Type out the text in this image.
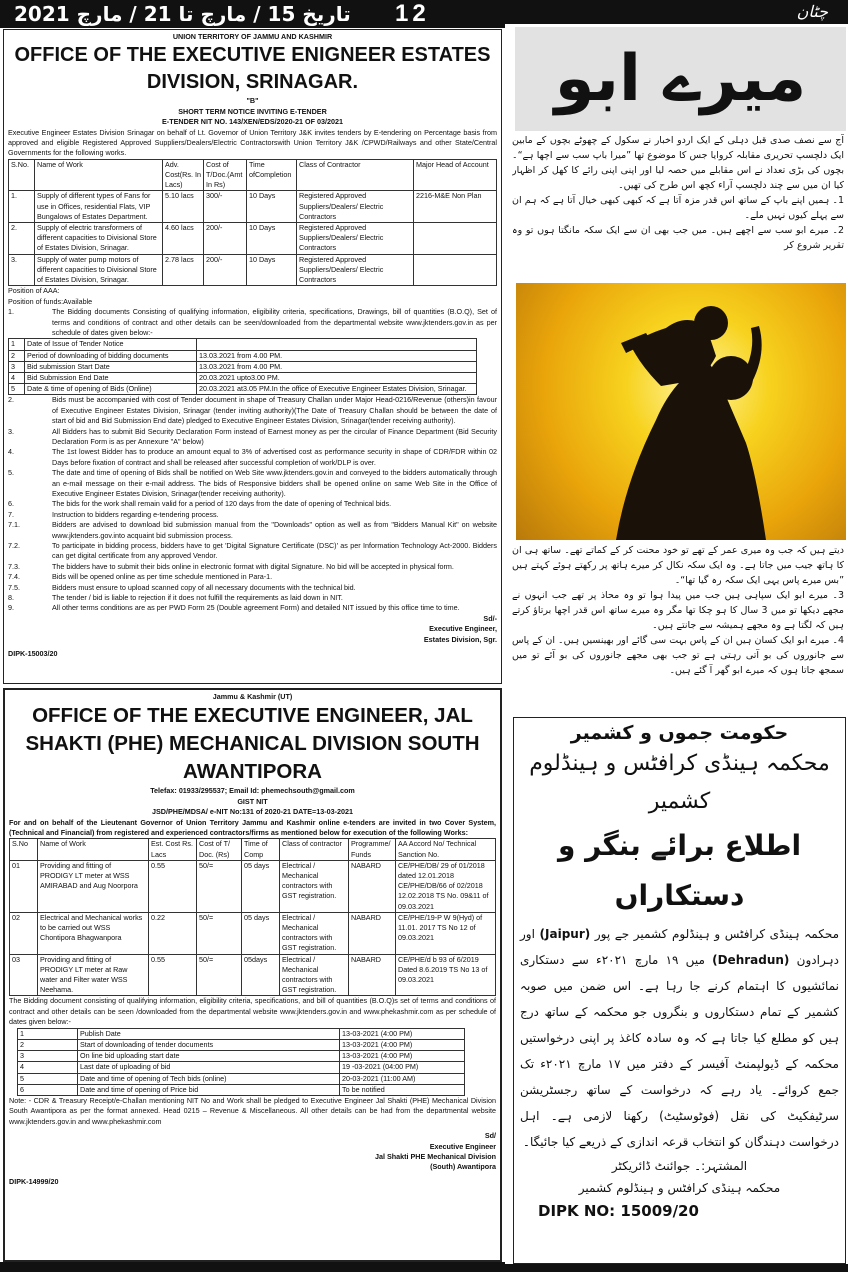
تاریخ 15 / مارچ تا 21 / مارچ 2021 12	چٹان
UNION TERRITORY OF JAMMU AND KASHMIR
OFFICE OF THE EXECUTIVE ENIGNEER ESTATES DIVISION, SRINAGAR.
"B"
SHORT TERM NOTICE INVITING E-TENDER
E-TENDER NIT NO. 143/XEN/EDS/2020-21 OF 03/2021
Executive Engineer Estates Division Srinagar on behalf of Lt. Governor of Union Territory J&K invites tenders by E-tendering on Percentage basis from approved and eligible Registered Approved Suppliers/Dealers/Electric Contractorswith Union Territory J&K /CPWD/Railways and other State/Central Governments for the following works.
S.No.	Name of Work	Adv. Cost(Rs. In Lacs)	Cost of T/Doc.(Amt In Rs)	Time ofCompletion	Class of Contractor	Major Head of Account
1.	Supply of different types of Fans for use in Offices, residential Flats, VIP Bungalows of Estates Department.	5.10 lacs	300/-	10 Days	Registered Approved Suppliers/Dealers/ Electric Contractors	2216-M&E Non Plan
2.	Supply of electric transformers of different capacities to Divisional Store of Estates Division, Srinagar.	4.60 lacs	200/-	10 Days	Registered Approved Suppliers/Dealers/ Electric Contractors	
3.	Supply of water pump motors of different capacities to Divisional Store of Estates Division, Srinagar.	2.78 lacs	200/-	10 Days	Registered Approved Suppliers/Dealers/ Electric Contractors	
Position of AAA:
Position of funds:Available
1.	The Bidding documents Consisting of qualifying information, eligibility criteria, specifications, Drawings, bill of quantities (B.O.Q), Set of terms and conditions of contract and other details can be seen/downloaded from the departmental website www.jktenders.gov.in as per schedule of dates given below:-
1	Date of Issue of Tender Notice	
2	Period of downloading of bidding documents	13.03.2021 from 4.00 PM.
3	Bid submission Start Date	13.03.2021 from 4.00 PM.
4	Bid Submission End Date	20.03.2021 upto3.00 PM.
5	Date & time of opening of Bids (Online)	20.03.2021 at3.05 PM.In the office of Executive Engineer Estates Division, Srinagar.
2.	Bids must be accompanied with cost of Tender document in shape of Treasury Challan under Major Head-0216/Revenue (others)in favour of Executive Engineer Estates Division, Srinagar (tender inviting authority)(The Date of Treasury Challan should be between the date of start of bid and Bid Submission End date) pledged to Executive Engineer Estates Division, Srinagar(tender receiving authority).
3.	All Bidders has to submit Bid Security Declaration Form instead of Earnest money as per the circular of Finance Department (Bid Security Declaration Form is as per Annexure "A" below)
4.	The 1st lowest Bidder has to produce an amount equal to 3% of advertised cost as performance security in shape of CDR/FDR within 02 Days before fixation of contract and shall be released after successful completion of work/DLP is over.
5.	The date and time of opening of Bids shall be notified on Web Site www.jktenders.gov.in and conveyed to the bidders automatically through an e-mail message on their e-mail address. The bids of Responsive bidders shall be opened online on same Web Site in the Office of Executive Engineer Estates Division, Srinagar(tender receiving authority).
6.	The bids for the work shall remain valid for a period of 120 days from the date of opening of Technical bids.
7.	Instruction to bidders regarding e-tendering process.
7.1.	Bidders are advised to download bid submission manual from the "Downloads" option as well as from "Bidders Manual Kit" on website www.jktenders.gov.into acquaint bid submission process.
7.2.	To participate in bidding process, bidders have to get 'Digital Signature Certificate (DSC)' as per Information Technology Act-2000. Bidders can get digital certificate from any approved Vendor.
7.3.	The bidders have to submit their bids online in electronic format with digital Signature. No bid will be accepted in physical form.
7.4.	Bids will be opened online as per time schedule mentioned in Para-1.
7.5.	Bidders must ensure to upload scanned copy of all necessary documents with the technical bid.
8.	The tender / bid is liable to rejection if it does not fulfill the requirements as laid down in NIT.
9.	All other terms conditions are as per PWD Form 25 (Double agreement Form) and detailed NIT issued by this office time to time.
Sd/-
Executive Engineer,
Estates Division, Sgr.
DIPK-15003/20
Jammu & Kashmir (UT)
OFFICE OF THE EXECUTIVE ENGINEER, JAL SHAKTI (PHE) MECHANICAL DIVISION SOUTH AWANTIPORA
Telefax: 01933/295537; Email Id: phemechsouth@gmail.com
GIST NIT
JSD/PHE/MDSA/ e-NIT No:131 of 2020-21 DATE=13-03-2021
For and on behalf of the Lieutenant Governor of Union Territory Jammu and Kashmir online e-tenders are invited in two Cover System, (Technical and Financial) from registered and experienced contractors/firms as mentioned below for execution of the following Works:
S.No	Name of Work	Est. Cost Rs. Lacs	Cost of T/ Doc. (Rs)	Time of Comp	Class of contractor	Programme/ Funds	AA Accord No/ Technical Sanction No.
01	Providing and fitting of PRODIGY LT meter at WSS AMIRABAD and Aug Noorpora	0.55	50/=	05 days	Electrical / Mechanical contractors with GST registration.	NABARD	CE/PHE/DB/ 29 of 01/2018 dated 12.01.2018 CE/PHE/DB/66 of 02/2018 12.02.2018 TS No. 09&11 of 09.03.2021
02	Electrical and Mechanical works to be carried out WSS Chontipora Bhagwanpora	0.22	50/=	05 days	Electrical / Mechanical contractors with GST registration.	NABARD	CE/PHE/19-P W 9(Hyd) of 11.01. 2017 TS No 12 of 09.03.2021
03	Providing and fitting of PRODIGY LT meter at Raw water and Filter water WSS Neehama.	0.55	50/=	05days	Electrical / Mechanical contractors with GST registration.	NABARD	CE/PHE/d b 93 of 6/2019 Dated 8.6.2019 TS No 13 of 09.03.2021
The Bidding document consisting of qualifying information, eligibility criteria, specifications, and bill of quantities (B.O.Q)s set of terms and conditions of contract and other details can be seen /downloaded from the departmental website www.jktenders.gov.in and www.phekashmir.com as per schedule of dates given below:-
1	Publish Date	13-03-2021 (4:00 PM)
2	Start of downloading of tender documents	13-03-2021 (4:00 PM)
3	On line bid uploading start date	13-03-2021 (4:00 PM)
4	Last date of uploading of bid	19 -03-2021 (04:00 PM)
5	Date and time of opening of Tech bids (online)	20-03-2021 (11:00 AM)
6	Date and time of opening of Price bid	To be notified
Note: - CDR & Treasury Receipt/e-Challan mentioning NIT No and Work shall be pledged to Executive Engineer Jal Shakti (PHE) Mechanical Division South Awantipora as per the format annexed. Head 0215 – Revenue & Miscellaneous. All other details can be had from the departmental website www.jktenders.gov.in and www.phekashmir.com
Sd/
Executive Engineer
Jal Shakti PHE Mechanical Division
(South) Awantipora
DIPK-14999/20
میرے ابو
آج سے نصف صدی قبل دہلی کے ایک اردو اخبار نے سکول کے چھوٹے بچوں کے مابین ایک دلچسپ تحریری مقابلہ کروایا جس کا موضوع تھا ”میرا باپ سب سے اچھا ہے“۔ بچوں کی بڑی تعداد نے اس مقابلے میں حصہ لیا اور اپنی اپنی رائے کا کھل کر اظہار کیا ان میں سے چند دلچسپ آراء کچھ اس طرح کی تھیں۔
1۔ ہمیں اپنے باپ کے ساتھ اس قدر مزہ آتا ہے کہ کبھی کبھی خیال آتا ہے کہ ہم ان سے پہلے کیوں نہیں ملے۔
2۔ میرے ابو سب سے اچھے ہیں۔ میں جب بھی ان سے ایک سکہ مانگتا ہوں تو وہ تقریر شروع کر
دیتے ہیں کہ جب وہ میری عمر کے تھے تو خود محنت کر کے کماتے تھے۔ ساتھ ہی ان کا ہاتھ جیب میں جاتا ہے۔ وہ ایک سکہ نکال کر میرے ہاتھ پر رکھتے ہوئے کہتے ہیں ”بس میرے پاس یہی ایک سکہ رہ گیا تھا“۔
3۔ میرے ابو ایک سپاہی ہیں جب میں پیدا ہوا تو وہ محاذ پر تھے جب انہوں نے مجھے دیکھا تو میں 3 سال کا ہو چکا تھا مگر وہ میرے ساتھ اس قدر اچھا برتاؤ کرتے ہیں کہ لگتا ہے وہ مجھے ہمیشہ سے جانتے ہیں۔
4۔ میرے ابو ایک کسان ہیں ان کے پاس بہت سی گائے اور بھینسیں ہیں۔ ان کے پاس سے جانوروں کی بو آتی رہتی ہے تو جب بھی مجھے جانوروں کی بو آئے تو میں سمجھ جاتا ہوں کہ میرے ابو گھر آ گئے ہیں۔
حکومت جموں و کشمیر
محکمہ ہینڈی کرافٹس و ہینڈلوم کشمیر
اطلاع برائے بنگر و دستکاراں
محکمہ ہینڈی کرافٹس و ہینڈلوم کشمیر جے پور (Jaipur) اور دہرادون (Dehradun) میں ۱۹ مارچ ۲۰۲۱ء سے دستکاری نمائشیوں کا اہتمام کرنے جا رہا ہے۔ اس ضمن میں صوبہ کشمیر کے تمام دستکاروں و بنگروں جو محکمہ کے ساتھ درج ہیں کو مطلع کیا جاتا ہے کہ وہ سادہ کاغذ پر اپنی درخواستیں محکمہ کے ڈیولپمنٹ آفیسر کے دفتر میں ۱۷ مارچ ۲۰۲۱ء تک جمع کروائے۔ یاد رہے کہ درخواست کے ساتھ رجسٹریشن سرٹیفکیٹ کی نقل (فوٹوسٹیٹ) رکھنا لازمی ہے۔ اہل درخواست دہندگان کو انتخاب قرعہ اندازی کے ذریعے کیا جائیگا۔
المشتہر:۔ جوائنٹ ڈائریکٹر
محکمہ ہینڈی کرافٹس و ہینڈلوم کشمیر
DIPK NO: 15009/20
